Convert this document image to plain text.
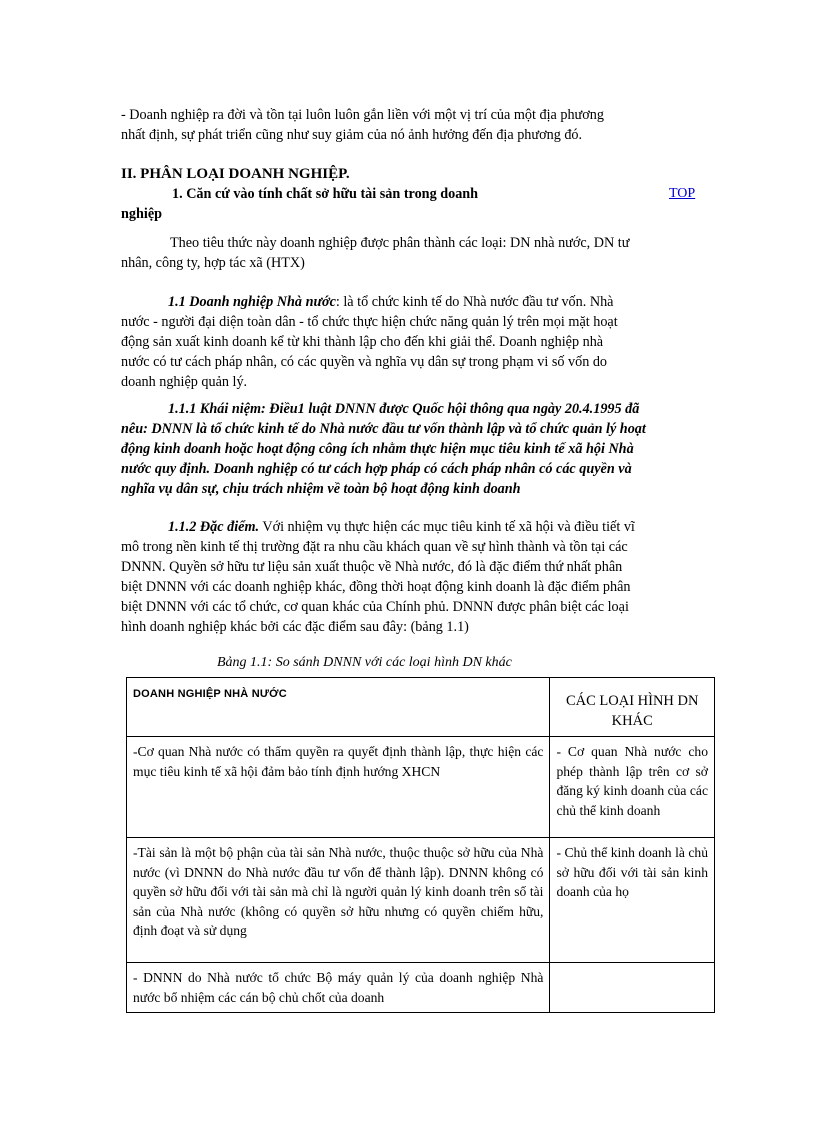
- Doanh nghiệp ra đời và tồn tại luôn luôn gắn liền với một vị trí của một địa phương

nhất định, sự phát triển cũng như suy giảm của nó ảnh hưởng đến địa phương đó.

II. PHÂN LOẠI DOANH NGHIỆP.

1. Căn cứ vào tính chất sở hữu tài sản trong doanh	TOP

nghiệp

Theo tiêu thức này doanh nghiệp được phân thành các loại: DN nhà nước, DN tư

nhân, công ty, hợp tác xã (HTX)

1.1 Doanh nghiệp Nhà nước: là tổ chức kinh tế do Nhà nước đầu tư vốn. Nhà

nước - người đại diện toàn dân - tổ chức thực hiện chức năng quản lý trên mọi mặt hoạt

động sản xuất kinh doanh kể từ khi thành lập cho đến khi giải thể. Doanh nghiệp nhà

nước có tư cách pháp nhân, có các quyền và nghĩa vụ dân sự trong phạm vi số vốn do

doanh nghiệp quản lý.

1.1.1 Khái niệm: Điều1 luật DNNN được Quốc hội thông qua ngày 20.4.1995 đã

nêu: DNNN là tổ chức kinh tế do Nhà nước đầu tư vốn thành lập và tổ chức quản lý hoạt

động kinh doanh hoặc hoạt động công ích nhằm thực hiện mục tiêu kinh tế xã hội Nhà

nước quy định. Doanh nghiệp có tư cách hợp pháp có cách pháp nhân có các quyền và

nghĩa vụ dân sự, chịu trách nhiệm về toàn bộ hoạt động kinh doanh

1.1.2 Đặc điểm. Với nhiệm vụ thực hiện các mục tiêu kinh tế xã hội và điều tiết vĩ

mô trong nền kinh tế thị trường đặt ra nhu cầu khách quan về sự hình thành và tồn tại các

DNNN. Quyền sở hữu tư liệu sản xuất thuộc về Nhà nước, đó là đặc điểm thứ nhất phân

biệt DNNN với các doanh nghiệp khác, đồng thời hoạt động kinh doanh là đặc điểm phân

biệt DNNN với các tổ chức, cơ quan khác của Chính phủ. DNNN được phân biệt các loại

hình doanh nghiệp khác bởi các đặc điểm sau đây: (bảng 1.1)

Bảng 1.1: So sánh DNNN với các loại hình DN khác

DOANH NGHIỆP NHÀ NƯỚC	CÁC LOẠI HÌNH DN KHÁC

-Cơ quan Nhà nước có thẩm quyền ra quyết định thành lập, thực hiện các mục tiêu kinh tế xã hội đảm bảo tính định hướng XHCN	- Cơ quan Nhà nước cho phép thành lập trên cơ sở đăng ký kinh doanh của các chủ thể kinh doanh
-Tài sản là một bộ phận của tài sản Nhà nước, thuộc thuộc sở hữu của Nhà nước (vì DNNN do Nhà nước đầu tư vốn để thành lập). DNNN không có quyền sở hữu đối với tài sản mà chỉ là người quản lý kinh doanh trên số tài sản của Nhà nước (không có quyền sở hữu nhưng có quyền chiếm hữu, định đoạt và sử dụng	- Chủ thể kinh doanh là chủ sở hữu đối với tài sản kinh doanh của họ
- DNNN do Nhà nước tổ chức Bộ máy quản lý của doanh nghiệp Nhà nước bổ nhiệm các cán bộ chủ chốt của doanh	
